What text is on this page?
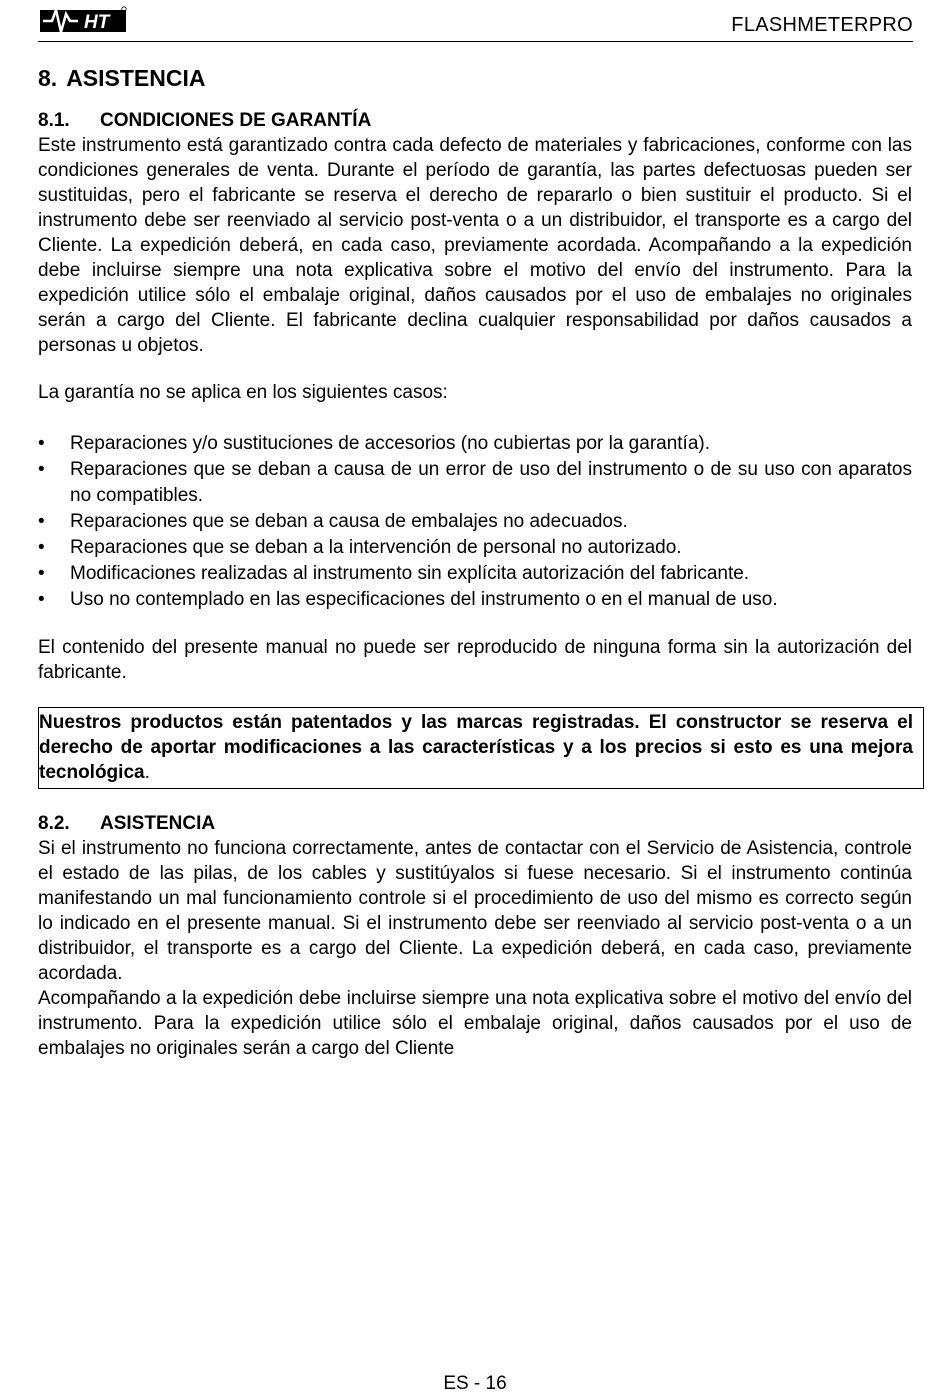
HT	FLASHMETERPRO
8. ASISTENCIA
8.1. CONDICIONES DE GARANTÍA

Este instrumento está garantizado contra cada defecto de materiales y fabricaciones, conforme con las condiciones generales de venta. Durante el período de garantía, las partes defectuosas pueden ser sustituidas, pero el fabricante se reserva el derecho de repararlo o bien sustituir el producto. Si el instrumento debe ser reenviado al servicio post-venta o a un distribuidor, el transporte es a cargo del Cliente. La expedición deberá, en cada caso, previamente acordada. Acompañando a la expedición debe incluirse siempre una nota explicativa sobre el motivo del envío del instrumento. Para la expedición utilice sólo el embalaje original, daños causados por el uso de embalajes no originales serán a cargo del Cliente. El fabricante declina cualquier responsabilidad por daños causados a personas u objetos.

La garantía no se aplica en los siguientes casos:

• Reparaciones y/o sustituciones de accesorios (no cubiertas por la garantía).
• Reparaciones que se deban a causa de un error de uso del instrumento o de su uso con aparatos no compatibles.
• Reparaciones que se deban a causa de embalajes no adecuados.
• Reparaciones que se deban a la intervención de personal no autorizado.
• Modificaciones realizadas al instrumento sin explícita autorización del fabricante.
• Uso no contemplado en las especificaciones del instrumento o en el manual de uso.

El contenido del presente manual no puede ser reproducido de ninguna forma sin la autorización del fabricante.

Nuestros productos están patentados y las marcas registradas. El constructor se reserva el derecho de aportar modificaciones a las características y a los precios si esto es una mejora tecnológica.

8.2. ASISTENCIA

Si el instrumento no funciona correctamente, antes de contactar con el Servicio de Asistencia, controle el estado de las pilas, de los cables y sustitúyalos si fuese necesario. Si el instrumento continúa manifestando un mal funcionamiento controle si el procedimiento de uso del mismo es correcto según lo indicado en el presente manual. Si el instrumento debe ser reenviado al servicio post-venta o a un distribuidor, el transporte es a cargo del Cliente. La expedición deberá, en cada caso, previamente acordada.

Acompañando a la expedición debe incluirse siempre una nota explicativa sobre el motivo del envío del instrumento. Para la expedición utilice sólo el embalaje original, daños causados por el uso de embalajes no originales serán a cargo del Cliente

ES - 16
